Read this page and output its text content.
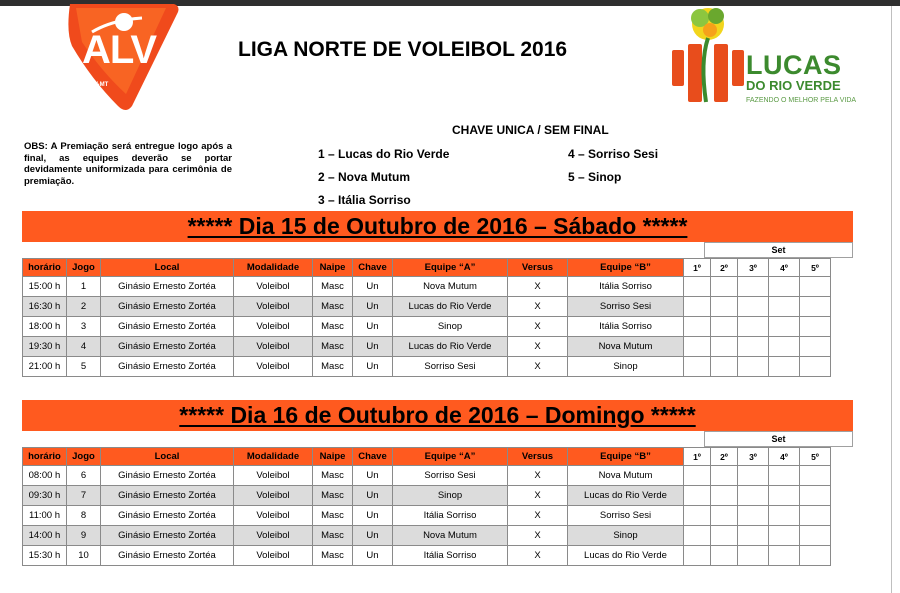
ALV
LNV-MT
LIGA NORTE DE VOLEIBOL 2016
LUCAS
DO RIO VERDE
FAZENDO O MELHOR PELA VIDA
OBS: A Premiação será entregue logo após a final, as equipes deverão se portar devidamente uniformizada para cerimônia de premiação.
CHAVE UNICA / SEM FINAL
1 – Lucas do Rio Verde
2 – Nova Mutum
3 – Itália Sorriso
4 – Sorriso Sesi
5 – Sinop
***** Dia 15 de Outubro de 2016 – Sábado *****
Set
horário	Jogo	Local	Modalidade	Naipe	Chave	Equipe “A”	Versus	Equipe “B”	1º	2º	3º	4º	5º
15:00 h	1	Ginásio Ernesto Zortéa	Voleibol	Masc	Un	Nova Mutum	X	Itália Sorriso					
16:30 h	2	Ginásio Ernesto Zortéa	Voleibol	Masc	Un	Lucas do Rio Verde	X	Sorriso Sesi					
18:00 h	3	Ginásio Ernesto Zortéa	Voleibol	Masc	Un	Sinop	X	Itália Sorriso					
19:30 h	4	Ginásio Ernesto Zortéa	Voleibol	Masc	Un	Lucas do Rio Verde	X	Nova Mutum					
21:00 h	5	Ginásio Ernesto Zortéa	Voleibol	Masc	Un	Sorriso Sesi	X	Sinop					
***** Dia 16 de Outubro de 2016 – Domingo *****
Set
horário	Jogo	Local	Modalidade	Naipe	Chave	Equipe “A”	Versus	Equipe “B”	1º	2º	3º	4º	5º
08:00 h	6	Ginásio Ernesto Zortéa	Voleibol	Masc	Un	Sorriso Sesi	X	Nova Mutum					
09:30 h	7	Ginásio Ernesto Zortéa	Voleibol	Masc	Un	Sinop	X	Lucas do Rio Verde					
11:00 h	8	Ginásio Ernesto Zortéa	Voleibol	Masc	Un	Itália Sorriso	X	Sorriso Sesi					
14:00 h	9	Ginásio Ernesto Zortéa	Voleibol	Masc	Un	Nova Mutum	X	Sinop					
15:30 h	10	Ginásio Ernesto Zortéa	Voleibol	Masc	Un	Itália Sorriso	X	Lucas do Rio Verde					
